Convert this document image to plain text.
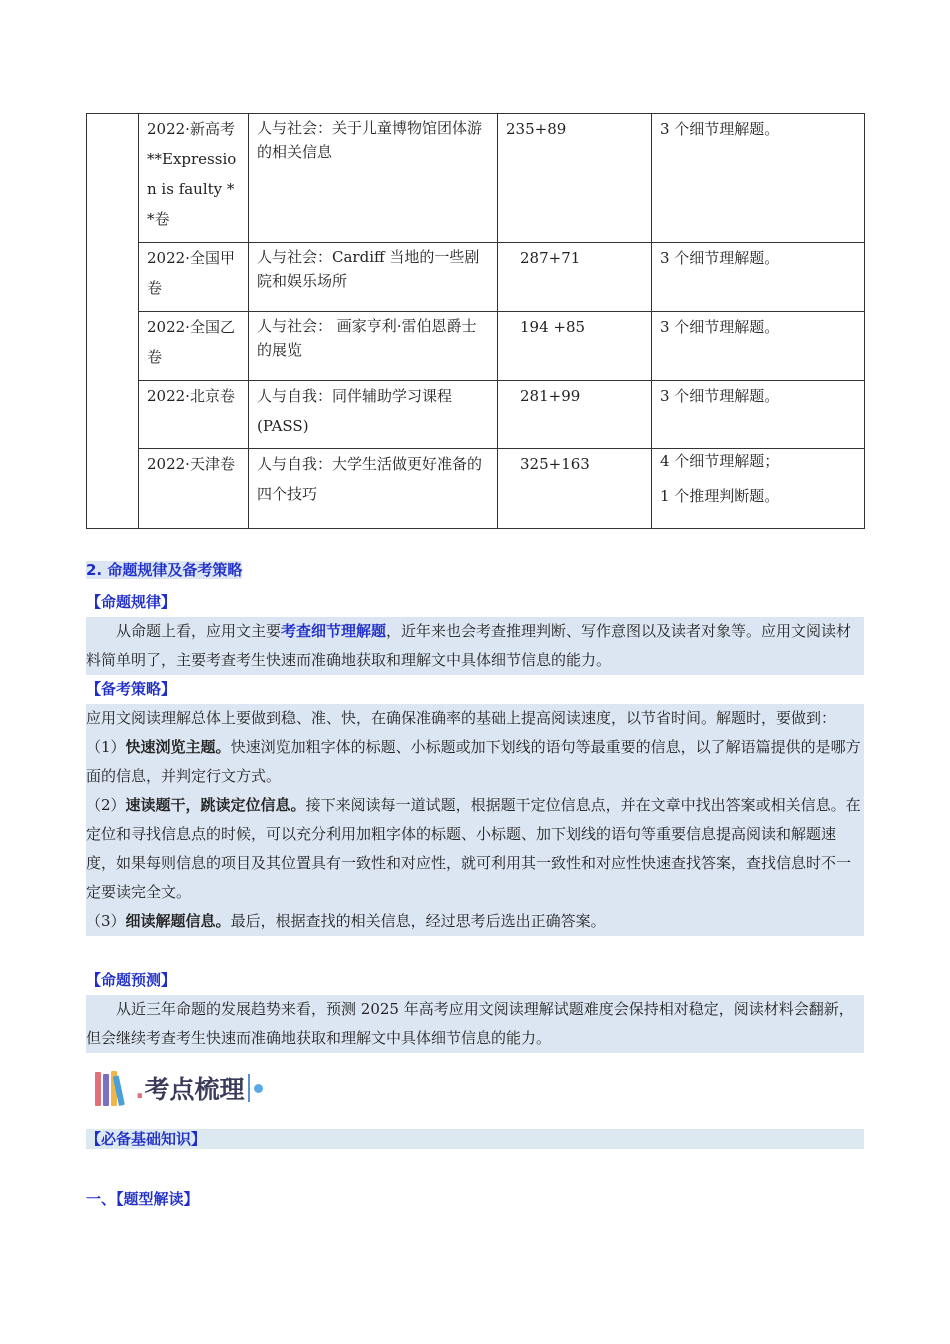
	2022·新高考**Expression is faulty **卷	人与社会：关于儿童博物馆团体游的相关信息	235+89	3 个细节理解题。

	2022·全国甲卷	人与社会：Cardiff 当地的一些剧院和娱乐场所	287+71	3 个细节理解题。

	2022·全国乙卷	人与社会： 画家亨利·雷伯恩爵士的展览	194 +85	3 个细节理解题。

	2022·北京卷	人与自我：同伴辅助学习课程(PASS)	281+99	3 个细节理解题。

	2022·天津卷	人与自我：大学生活做更好准备的四个技巧	325+163	4 个细节理解题；
1 个推理判断题。
2. 命题规律及备考策略
【命题规律】
从命题上看，应用文主要考查细节理解题，近年来也会考查推理判断、写作意图以及读者对象等。应用文阅读材料简单明了，主要考查考生快速而准确地获取和理解文中具体细节信息的能力。
【备考策略】
应用文阅读理解总体上要做到稳、准、快，在确保准确率的基础上提高阅读速度，以节省时间。解题时，要做到：
（1）快速浏览主题。快速浏览加粗字体的标题、小标题或加下划线的语句等最重要的信息，以了解语篇提供的是哪方面的信息，并判定行文方式。
（2）速读题干，跳读定位信息。接下来阅读每一道试题，根据题干定位信息点，并在文章中找出答案或相关信息。在定位和寻找信息点的时候，可以充分利用加粗字体的标题、小标题、加下划线的语句等重要信息提高阅读和解题速度，如果每则信息的项目及其位置具有一致性和对应性，就可利用其一致性和对应性快速查找答案，查找信息时不一定要读完全文。
（3）细读解题信息。最后，根据查找的相关信息，经过思考后选出正确答案。
【命题预测】
从近三年命题的发展趋势来看，预测 2025 年高考应用文阅读理解试题难度会保持相对稳定，阅读材料会翻新，但会继续考查考生快速而准确地获取和理解文中具体细节信息的能力。
.考点梳理
【必备基础知识】
一、【题型解读】
